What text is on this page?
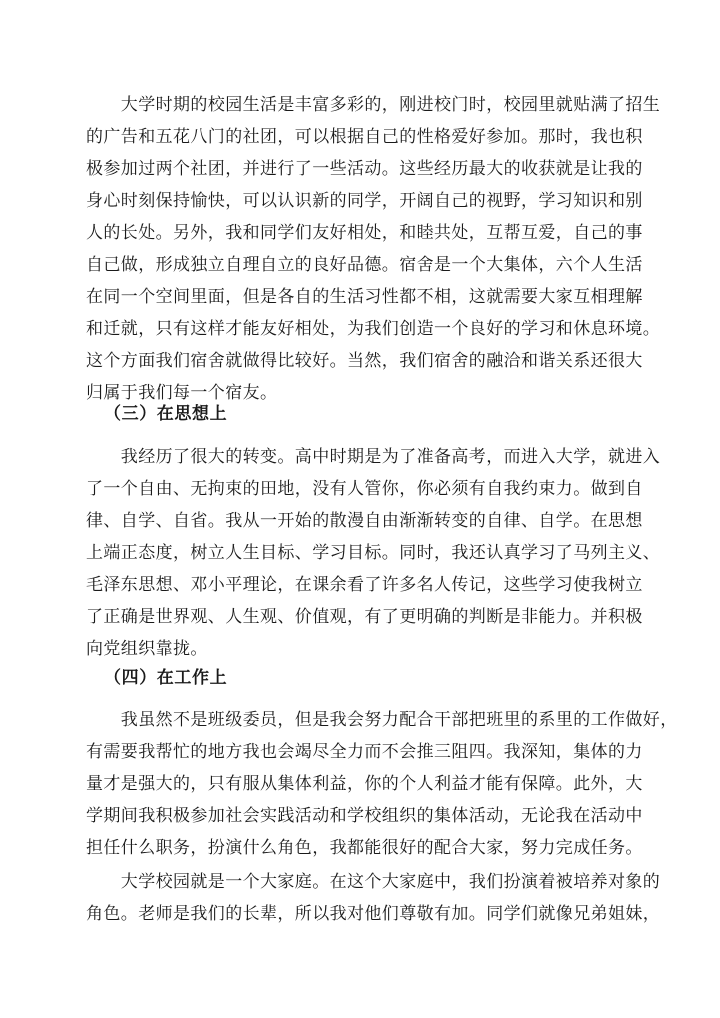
　　大学时期的校园生活是丰富多彩的，刚进校门时，校园里就贴满了招生
的广告和五花八门的社团，可以根据自己的性格爱好参加。那时，我也积
极参加过两个社团，并进行了一些活动。这些经历最大的收获就是让我的
身心时刻保持愉快，可以认识新的同学，开阔自己的视野，学习知识和别
人的长处。另外，我和同学们友好相处，和睦共处，互帮互爱，自己的事
自己做，形成独立自理自立的良好品德。宿舍是一个大集体，六个人生活
在同一个空间里面，但是各自的生活习性都不相，这就需要大家互相理解
和迁就，只有这样才能友好相处，为我们创造一个良好的学习和休息环境。
这个方面我们宿舍就做得比较好。当然，我们宿舍的融洽和谐关系还很大
归属于我们每一个宿友。
（三）在思想上
　　我经历了很大的转变。高中时期是为了准备高考，而进入大学，就进入
了一个自由、无拘束的田地，没有人管你，你必须有自我约束力。做到自
律、自学、自省。我从一开始的散漫自由渐渐转变的自律、自学。在思想
上端正态度，树立人生目标、学习目标。同时，我还认真学习了马列主义、
毛泽东思想、邓小平理论，在课余看了许多名人传记，这些学习使我树立
了正确是世界观、人生观、价值观，有了更明确的判断是非能力。并积极
向党组织靠拢。
（四）在工作上
　　我虽然不是班级委员，但是我会努力配合干部把班里的系里的工作做好，
有需要我帮忙的地方我也会竭尽全力而不会推三阻四。我深知，集体的力
量才是强大的，只有服从集体利益，你的个人利益才能有保障。此外，大
学期间我积极参加社会实践活动和学校组织的集体活动，无论我在活动中
担任什么职务，扮演什么角色，我都能很好的配合大家，努力完成任务。
　　大学校园就是一个大家庭。在这个大家庭中，我们扮演着被培养对象的
角色。老师是我们的长辈，所以我对他们尊敬有加。同学们就像兄弟姐妹，
